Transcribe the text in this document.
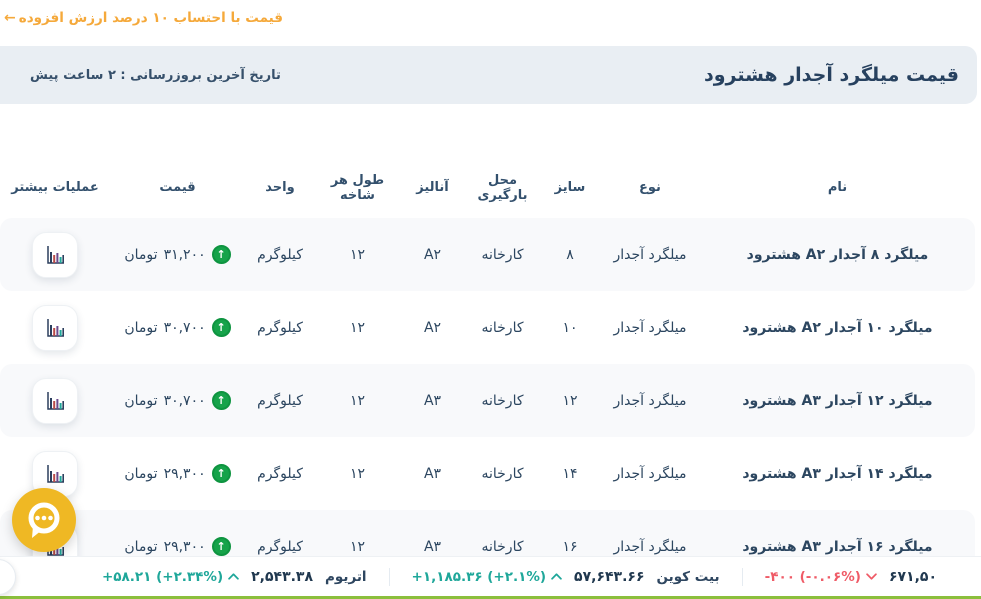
← قیمت با احتساب ۱۰ درصد ارزش افزوده
قیمت میلگرد آجدار هشترود
تاریخ آخرین بروزرسانی : ۲ ساعت پیش
نام
نوع
سایز
محل بارگیری
آنالیز
طول هر شاخه
واحد
قیمت
عملیات بیشتر
میلگرد ۸ آجدار A۲ هشترود
میلگرد آجدار
۸
کارخانه
A۲
۱۲
کیلوگرم
↑
۳۱,۲۰۰
تومان
میلگرد ۱۰ آجدار A۲ هشترود
میلگرد آجدار
۱۰
کارخانه
A۲
۱۲
کیلوگرم
↑
۳۰,۷۰۰
تومان
میلگرد ۱۲ آجدار A۳ هشترود
میلگرد آجدار
۱۲
کارخانه
A۳
۱۲
کیلوگرم
↑
۳۰,۷۰۰
تومان
میلگرد ۱۴ آجدار A۳ هشترود
میلگرد آجدار
۱۴
کارخانه
A۳
۱۲
کیلوگرم
↑
۲۹,۳۰۰
تومان
میلگرد ۱۶ آجدار A۳ هشترود
میلگرد آجدار
۱۶
کارخانه
A۳
۱۲
کیلوگرم
↑
۲۹,۳۰۰
تومان
۶۷۱,۵۰
-۴۰۰ (-۰.۰۶%)
بیت کوین
۵۷,۶۴۳.۶۶
+۱,۱۸۵.۳۶ (+۲.۱%)
اتریوم
۲,۵۴۳.۳۸
+۵۸.۲۱ (+۲.۳۴%)
